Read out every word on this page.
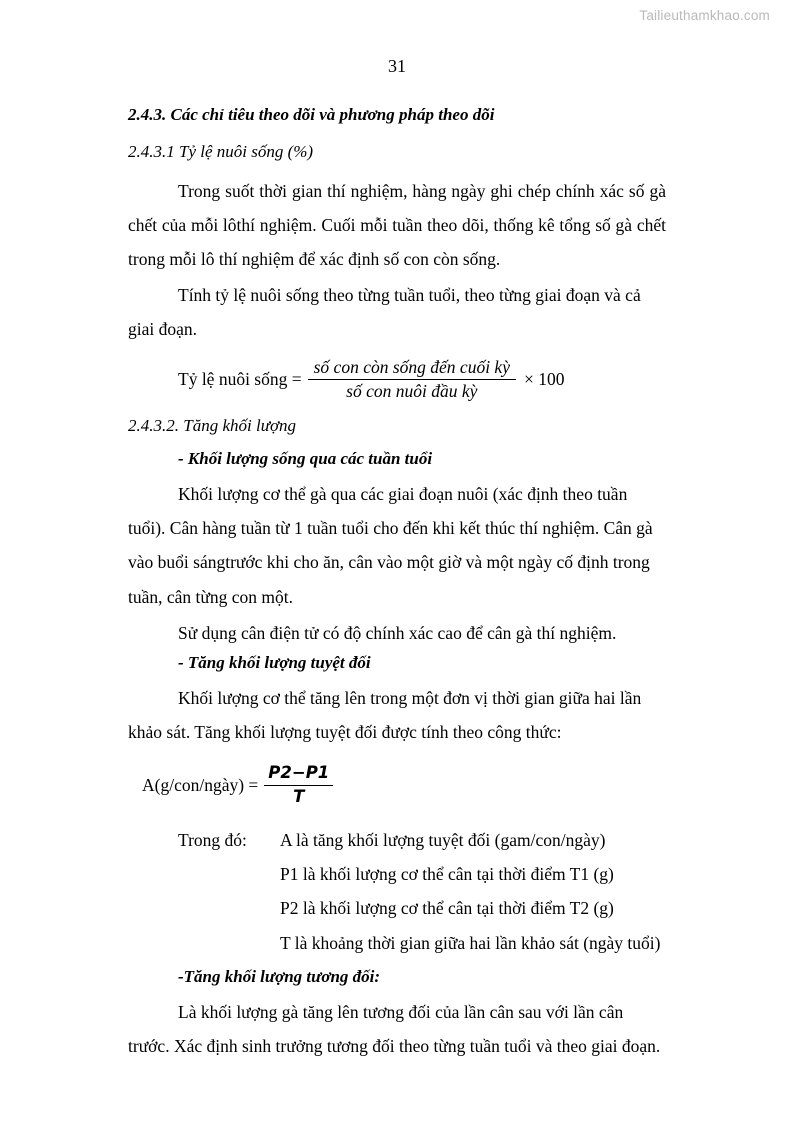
Tailieuthamkhao.com
31
2.4.3. Các chỉ tiêu theo dõi và phương pháp theo dõi
2.4.3.1 Tỷ lệ nuôi sống (%)

Trong suốt thời gian thí nghiệm, hàng ngày ghi chép chính xác số gà chết của mỗi lôthí nghiệm. Cuối mỗi tuần theo dõi, thống kê tổng số gà chết trong mỗi lô thí nghiệm để xác định số con còn sống.

Tính tỷ lệ nuôi sống theo từng tuần tuổi, theo từng giai đoạn và cả giai đoạn.

Tỷ lệ nuôi sống = $\frac{\text{số con còn sống đến cuối kỳ}}{\text{số con nuôi đầu kỳ}} \times 100$
2.4.3.2. Tăng khối lượng
- Khối lượng sống qua các tuần tuổi

Khối lượng cơ thể gà qua các giai đoạn nuôi (xác định theo tuần tuổi). Cân hàng tuần từ 1 tuần tuổi cho đến khi kết thúc thí nghiệm. Cân gà vào buổi sángtrước khi cho ăn, cân vào một giờ và một ngày cố định trong tuần, cân từng con một.

Sử dụng cân điện tử có độ chính xác cao để cân gà thí nghiệm.

- Tăng khối lượng tuyệt đối

Khối lượng cơ thể tăng lên trong một đơn vị thời gian giữa hai lần khảo sát. Tăng khối lượng tuyệt đối được tính theo công thức:

A(g/con/ngày) = $\frac{P2-P1}{T}$
Trong đó:	A là tăng khối lượng tuyệt đối (gam/con/ngày)
P1 là khối lượng cơ thể cân tại thời điểm T1 (g)
P2 là khối lượng cơ thể cân tại thời điểm T2 (g)
T là khoảng thời gian giữa hai lần khảo sát (ngày tuổi)
-Tăng khối lượng tương đối:

Là khối lượng gà tăng lên tương đối của lần cân sau với lần cân trước. Xác định sinh trưởng tương đối theo từng tuần tuổi và theo giai đoạn.
